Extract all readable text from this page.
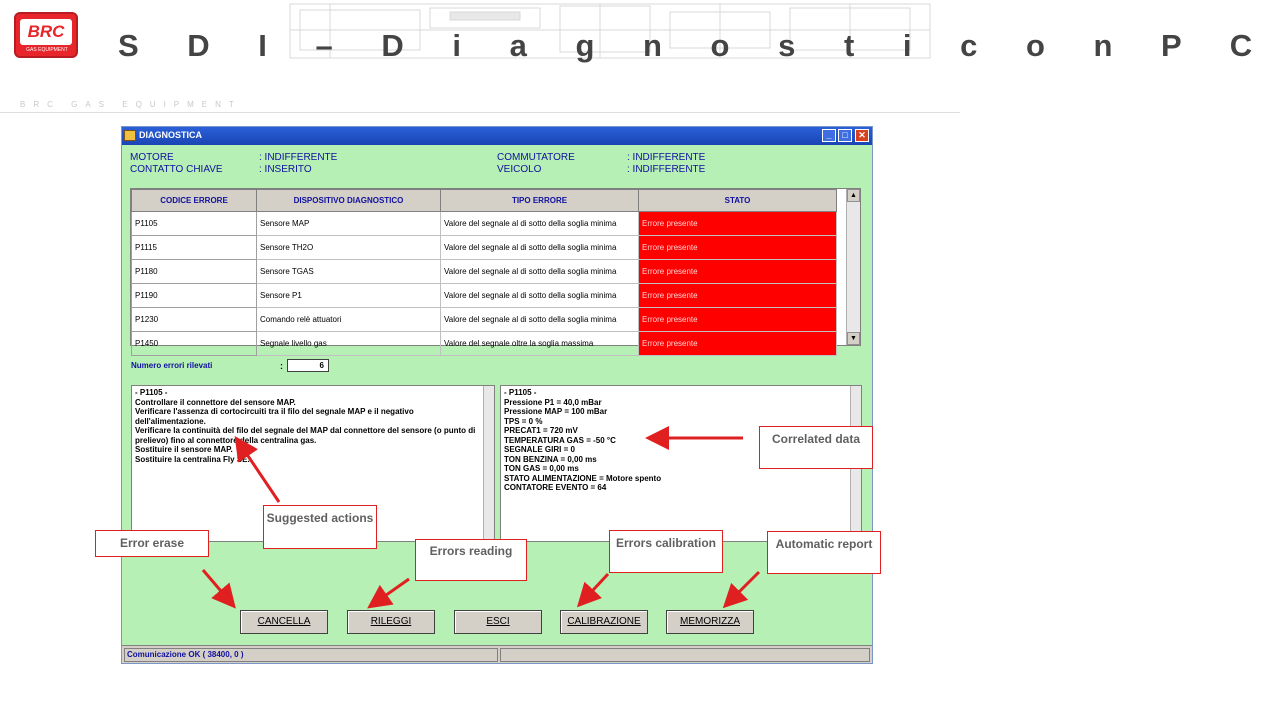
BRC
GAS EQUIPMENT S D I – D i a g n o s t i c o n P C
BRC GAS EQUIPMENT
DIAGNOSTICA	_	□	✕
MOTORE	: INDIFFERENTE
CONTATTO CHIAVE	: INSERITO
COMMUTATORE	: INDIFFERENTE
VEICOLO	: INDIFFERENTE
CODICE ERRORE	DISPOSITIVO DIAGNOSTICO	TIPO ERRORE	STATO
P1105	Sensore MAP	Valore del segnale al di sotto della soglia minima	Errore presente
P1115	Sensore TH2O	Valore del segnale al di sotto della soglia minima	Errore presente
P1180	Sensore TGAS	Valore del segnale al di sotto della soglia minima	Errore presente
P1190	Sensore P1	Valore del segnale al di sotto della soglia minima	Errore presente
P1230	Comando relè attuatori	Valore del segnale al di sotto della soglia minima	Errore presente
P1450	Segnale livello gas	Valore del segnale oltre la soglia massima	Errore presente
▲
▼
Numero errori rilevati	:	6
- P1105 -
Controllare il connettore del sensore MAP.
Verificare l'assenza di cortocircuiti tra il filo del segnale MAP e il negativo dell'alimentazione.
Verificare la continuità del filo del segnale del MAP dal connettore del sensore (o punto di prelievo) fino al connettore della centralina gas.
Sostituire il sensore MAP.
Sostituire la centralina Fly SE.
- P1105 -
Pressione P1 = 40,0 mBar
Pressione MAP = 100 mBar
TPS = 0 %
PRECAT1 = 720 mV
TEMPERATURA GAS = -50 °C
SEGNALE GIRI = 0
TON BENZINA = 0,00 ms
TON GAS = 0,00 ms
STATO ALIMENTAZIONE = Motore spento
CONTATORE EVENTO = 64
CANCELLA	RILEGGI	ESCI	CALIBRAZIONE	MEMORIZZA
Comunicazione OK ( 38400, 0 )
Correlated data
Suggested actions
Error erase
Errors reading
Errors calibration	Automatic report
